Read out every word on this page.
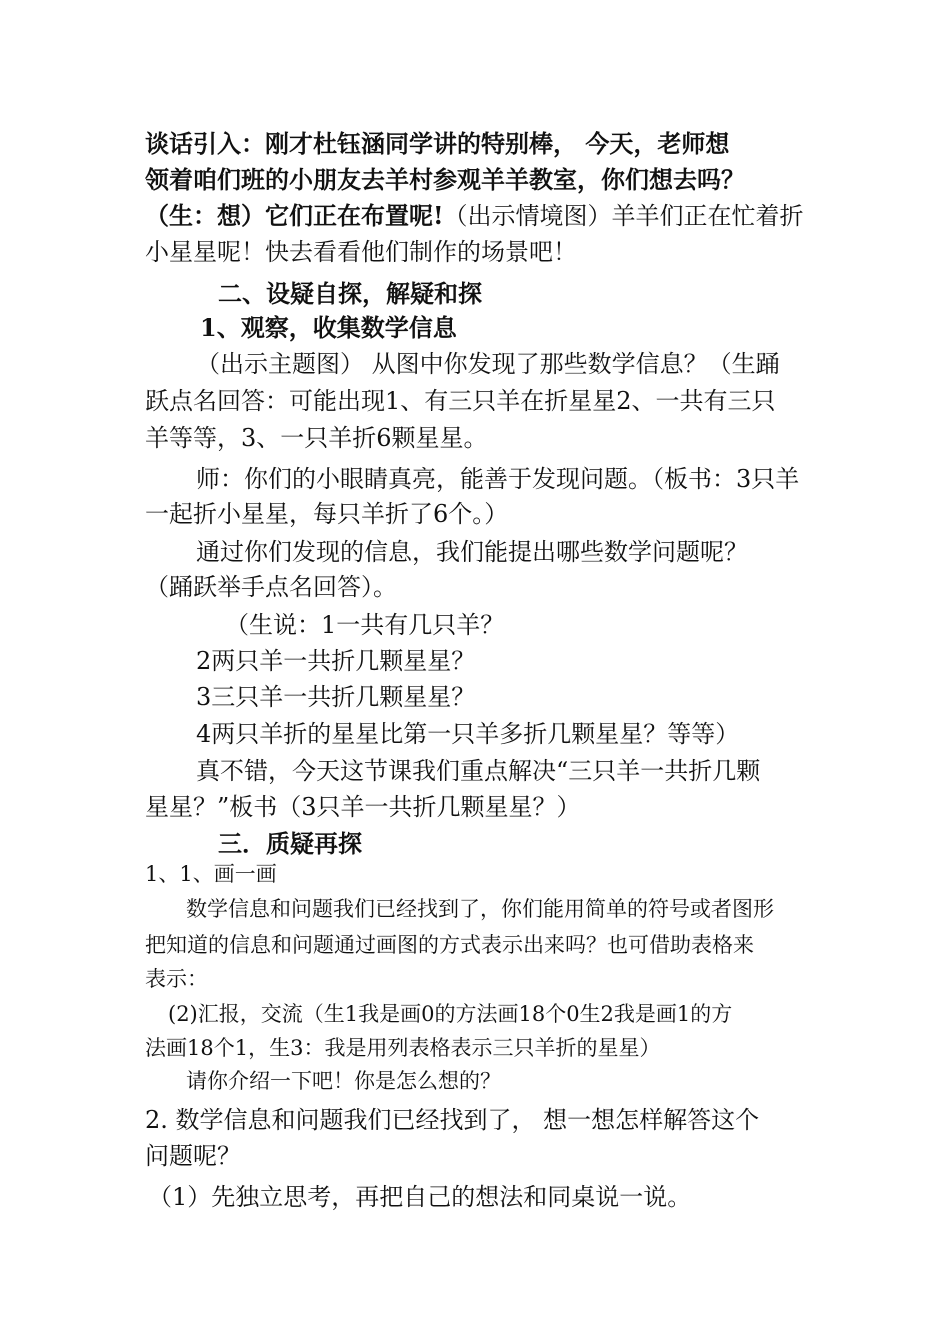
谈话引入：刚才杜钰涵同学讲的特别棒， 今天，老师想
领着咱们班的小朋友去羊村参观羊羊教室，你们想去吗？
（生：想）它们正在布置呢!（出示情境图）羊羊们正在忙着折
小星星呢！快去看看他们制作的场景吧！
二、设疑自探，解疑和探
1、观察，收集数学信息
（出示主题图） 从图中你发现了那些数学信息？（生踊
跃点名回答：可能出现1、有三只羊在折星星2、一共有三只
羊等等，3、一只羊折6颗星星。
师：你们的小眼睛真亮，能善于发现问题。（板书：3只羊
一起折小星星，每只羊折了6个。）
通过你们发现的信息，我们能提出哪些数学问题呢？
（踊跃举手点名回答）。
（生说：1一共有几只羊？
2两只羊一共折几颗星星？
3三只羊一共折几颗星星？
4两只羊折的星星比第一只羊多折几颗星星？等等）
真不错，今天这节课我们重点解决“三只羊一共折几颗
星星？”板书（3只羊一共折几颗星星？）
三．质疑再探
1、1、画一画
数学信息和问题我们已经找到了，你们能用简单的符号或者图形
把知道的信息和问题通过画图的方式表示出来吗？也可借助表格来
表示：
(2)汇报，交流（生1我是画0的方法画18个0生2我是画1的方
法画18个1，生3：我是用列表格表示三只羊折的星星）
请你介绍一下吧！你是怎么想的？
2. 数学信息和问题我们已经找到了， 想一想怎样解答这个
问题呢？
（1）先独立思考，再把自己的想法和同桌说一说。
